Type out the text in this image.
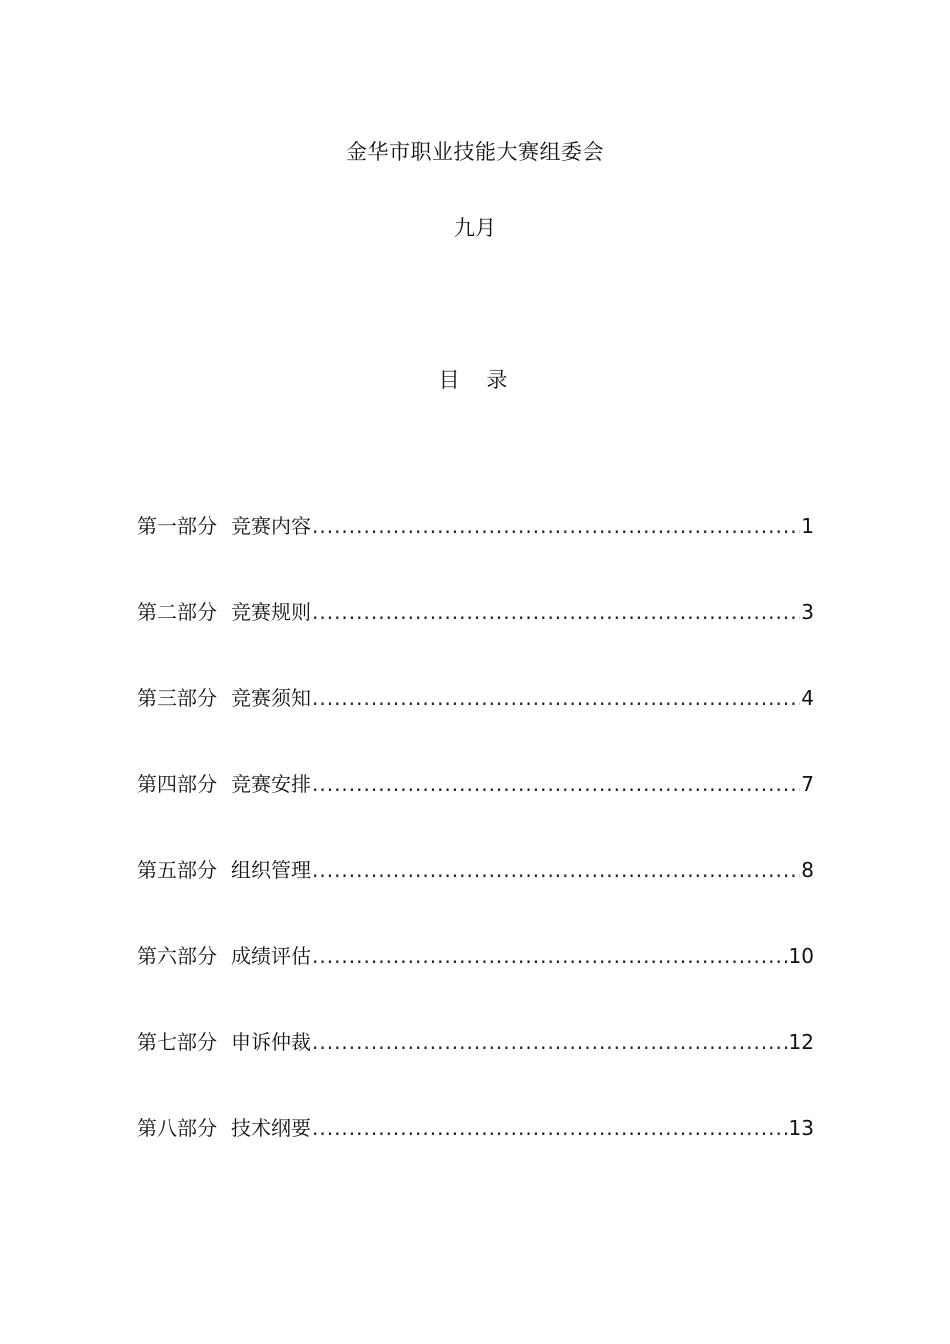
金华市职业技能大赛组委会
九月
目 录
第一部分 竞赛内容 .....	1
第二部分 竞赛规则 .....	3
第三部分 竞赛须知 .....	4
第四部分 竞赛安排 .....	7
第五部分 组织管理 .....	8
第六部分 成绩评估 .....	10
第七部分 申诉仲裁 .....	12
第八部分 技术纲要 .....	13
